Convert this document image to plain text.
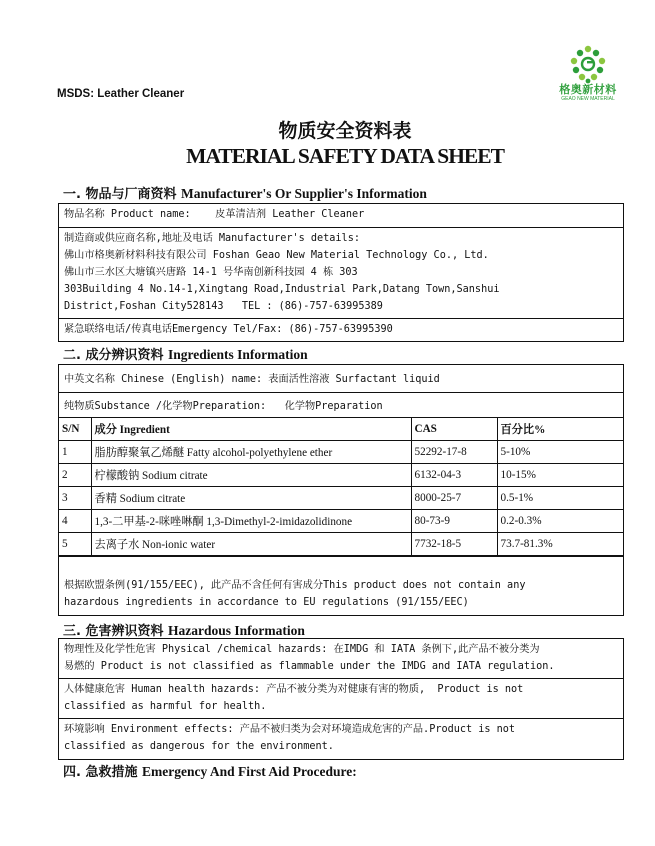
MSDS: Leather Cleaner	格奥新材料
GEAO NEW MATERIAL
物质安全资料表
MATERIAL SAFETY DATA SHEET
一. 物品与厂商资料 Manufacturer's Or Supplier's Information
物品名称 Product name:    皮革清洁剂 Leather Cleaner
制造商或供应商名称,地址及电话 Manufacturer's details:
佛山市格奥新材料科技有限公司 Foshan Geao New Material Technology Co., Ltd.
佛山市三水区大塘镇兴唐路 14-1 号华南创新科技园 4 栋 303
303Building 4 No.14-1,Xingtang Road,Industrial Park,Datang Town,Sanshui
District,Foshan City528143   TEL : (86)-757-63995389
紧急联络电话/传真电话Emergency Tel/Fax: (86)-757-63995390
二. 成分辨识资料 Ingredients Information
中英文名称 Chinese (English) name: 表面活性溶液 Surfactant liquid
纯物质Substance /化学物Preparation:   化学物Preparation
S/N	成分 Ingredient	CAS	百分比%
1	脂肪醇聚氧乙烯醚 Fatty alcohol-polyethylene ether	52292-17-8	5-10%
2	柠檬酸钠 Sodium citrate	6132-04-3	10-15%
3	香精 Sodium citrate	8000-25-7	0.5-1%
4	1,3-二甲基-2-咪唑啉酮 1,3-Dimethyl-2-imidazolidinone	80-73-9	0.2-0.3%
5	去离子水 Non-ionic water	7732-18-5	73.7-81.3%
根据欧盟条例(91/155/EEC), 此产品不含任何有害成分This product does not contain any
hazardous ingredients in accordance to EU regulations (91/155/EEC)
三. 危害辨识资料 Hazardous Information
物理性及化学性危害 Physical /chemical hazards: 在IMDG 和 IATA 条例下,此产品不被分类为
易燃的 Product is not classified as flammable under the IMDG and IATA regulation.
人体健康危害 Human health hazards: 产品不被分类为对健康有害的物质,  Product is not
classified as harmful for health.
环境影响 Environment effects: 产品不被归类为会对环境造成危害的产品.Product is not
classified as dangerous for the environment.
四. 急救措施 Emergency And First Aid Procedure:
